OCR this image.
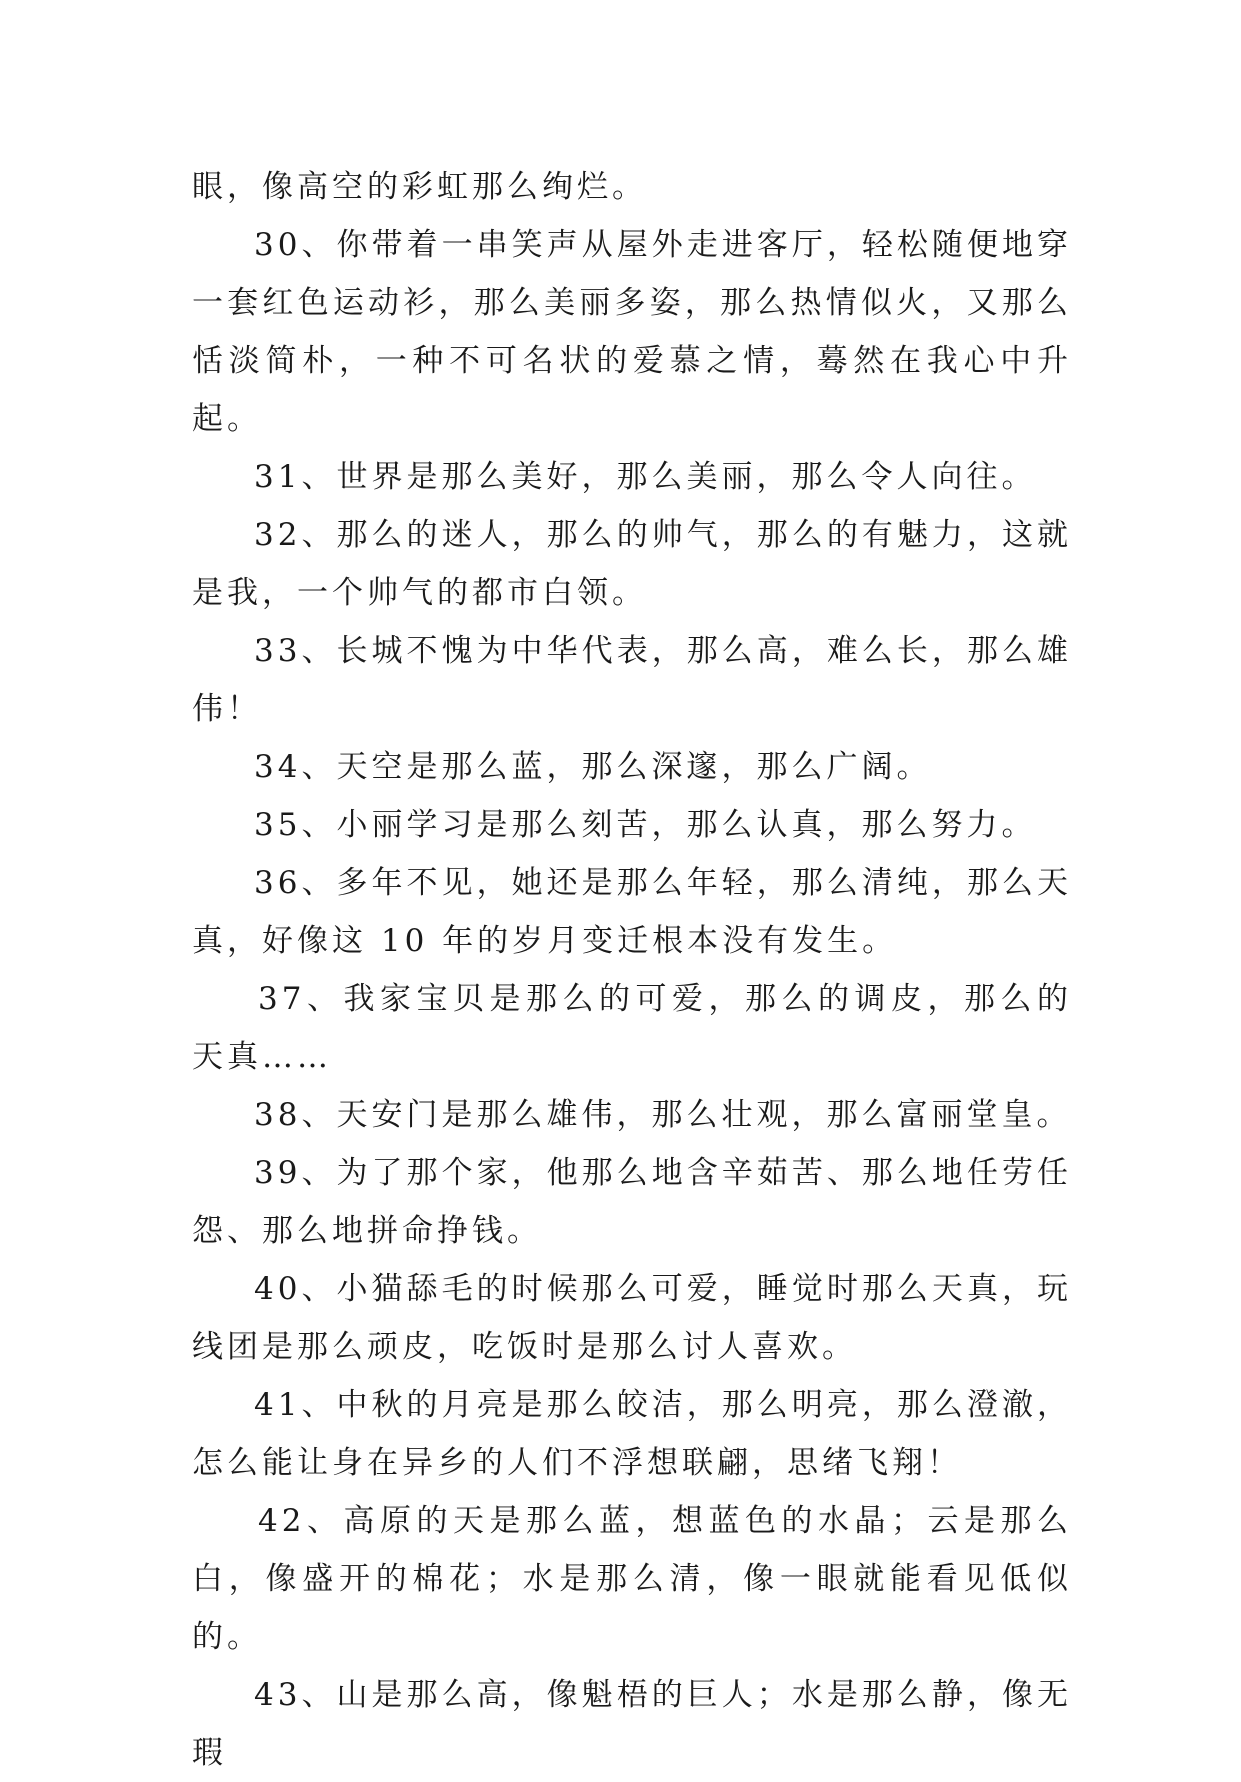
眼，像高空的彩虹那么绚烂。

30、你带着一串笑声从屋外走进客厅，轻松随便地穿一套红色运动衫，那么美丽多姿，那么热情似火，又那么恬淡简朴，一种不可名状的爱慕之情，蓦然在我心中升起。

31、世界是那么美好，那么美丽，那么令人向往。

32、那么的迷人，那么的帅气，那么的有魅力，这就是我，一个帅气的都市白领。

33、长城不愧为中华代表，那么高，难么长，那么雄伟！

34、天空是那么蓝，那么深邃，那么广阔。

35、小丽学习是那么刻苦，那么认真，那么努力。

36、多年不见，她还是那么年轻，那么清纯，那么天真，好像这 10 年的岁月变迁根本没有发生。

37、我家宝贝是那么的可爱，那么的调皮，那么的天真……

38、天安门是那么雄伟，那么壮观，那么富丽堂皇。

39、为了那个家，他那么地含辛茹苦、那么地任劳任怨、那么地拼命挣钱。

40、小猫舔毛的时候那么可爱，睡觉时那么天真，玩线团是那么顽皮，吃饭时是那么讨人喜欢。

41、中秋的月亮是那么皎洁，那么明亮，那么澄澈，怎么能让身在异乡的人们不浮想联翩，思绪飞翔！

42、高原的天是那么蓝，想蓝色的水晶；云是那么白，像盛开的棉花；水是那么清，像一眼就能看见低似的。

43、山是那么高，像魁梧的巨人；水是那么静，像无瑕
